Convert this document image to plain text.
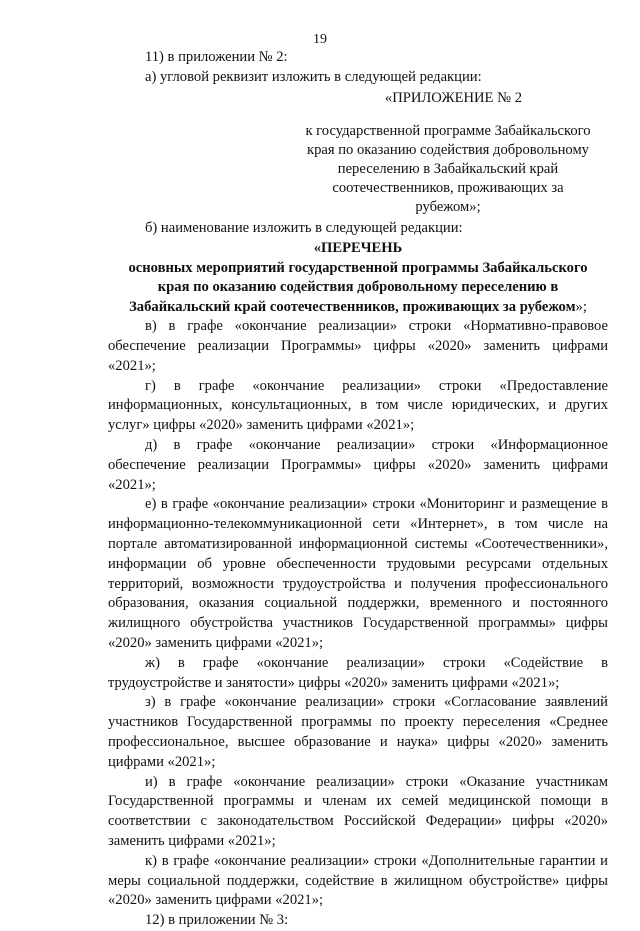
19
11) в приложении № 2:
а) угловой реквизит изложить в следующей редакции:
«ПРИЛОЖЕНИЕ № 2
к государственной программе Забайкальского
края по оказанию содействия добровольному
переселению в Забайкальский край
соотечественников, проживающих за
рубежом»;
б) наименование изложить в следующей редакции:
«ПЕРЕЧЕНЬ
основных мероприятий государственной программы Забайкальского
края по оказанию содействия добровольному переселению в
Забайкальский край соотечественников, проживающих за рубежом»;
в) в графе «окончание реализации» строки «Нормативно-правовое обеспечение реализации Программы» цифры «2020» заменить цифрами «2021»;
г) в графе «окончание реализации» строки «Предоставление информационных, консультационных, в том числе юридических, и других услуг» цифры «2020» заменить цифрами «2021»;
д) в графе «окончание реализации» строки «Информационное обеспечение реализации Программы» цифры «2020» заменить цифрами «2021»;
е) в графе «окончание реализации» строки «Мониторинг и размещение в информационно-телекоммуникационной сети «Интернет», в том числе на портале автоматизированной информационной системы «Соотечественники», информации об уровне обеспеченности трудовыми ресурсами отдельных территорий, возможности трудоустройства и получения профессионального образования, оказания социальной поддержки, временного и постоянного жилищного обустройства участников Государственной программы» цифры «2020» заменить цифрами «2021»;
ж) в графе «окончание реализации» строки «Содействие в трудоустройстве и занятости» цифры «2020» заменить цифрами «2021»;
з) в графе «окончание реализации» строки «Согласование заявлений участников Государственной программы по проекту переселения «Среднее профессиональное, высшее образование и наука» цифры «2020» заменить цифрами «2021»;
и) в графе «окончание реализации» строки «Оказание участникам Государственной программы и членам их семей медицинской помощи в соответствии с законодательством Российской Федерации» цифры «2020» заменить цифрами «2021»;
к) в графе «окончание реализации» строки «Дополнительные гарантии и меры социальной поддержки, содействие в жилищном обустройстве» цифры «2020» заменить цифрами «2021»;
12) в приложении № 3:
